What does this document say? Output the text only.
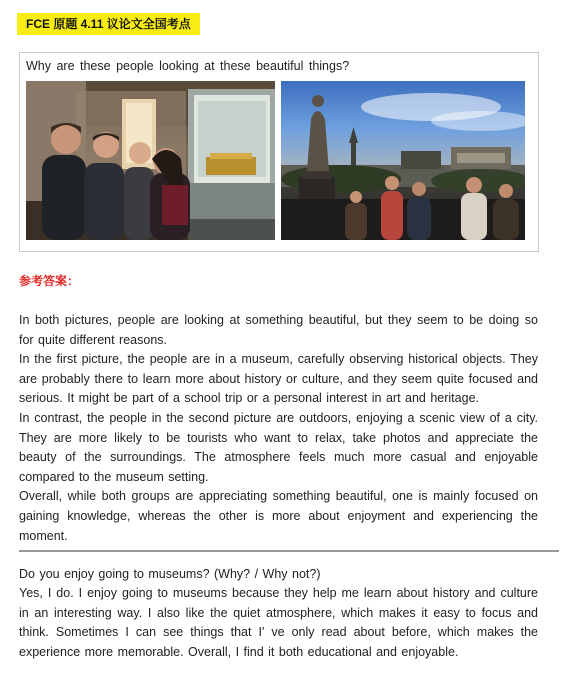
FCE 原题 4.11 议论文全国考点
Why are these people looking at these beautiful things?
参考答案：

In both pictures, people are looking at something beautiful, but they seem to be doing so for quite different reasons.

In the first picture, the people are in a museum, carefully observing historical objects. They are probably there to learn more about history or culture, and they seem quite focused and serious. It might be part of a school trip or a personal interest in art and heritage.

In contrast, the people in the second picture are outdoors, enjoying a scenic view of a city. They are more likely to be tourists who want to relax, take photos and appreciate the beauty of the surroundings. The atmosphere feels much more casual and enjoyable compared to the museum setting.

Overall, while both groups are appreciating something beautiful, one is mainly focused on gaining knowledge, whereas the other is more about enjoyment and experiencing the moment.

Do you enjoy going to museums? (Why? / Why not?)
Yes, I do. I enjoy going to museums because they help me learn about history and culture in an interesting way. I also like the quiet atmosphere, which makes it easy to focus and think. Sometimes I can see things that I' ve only read about before, which makes the experience more memorable. Overall, I find it both educational and enjoyable.
